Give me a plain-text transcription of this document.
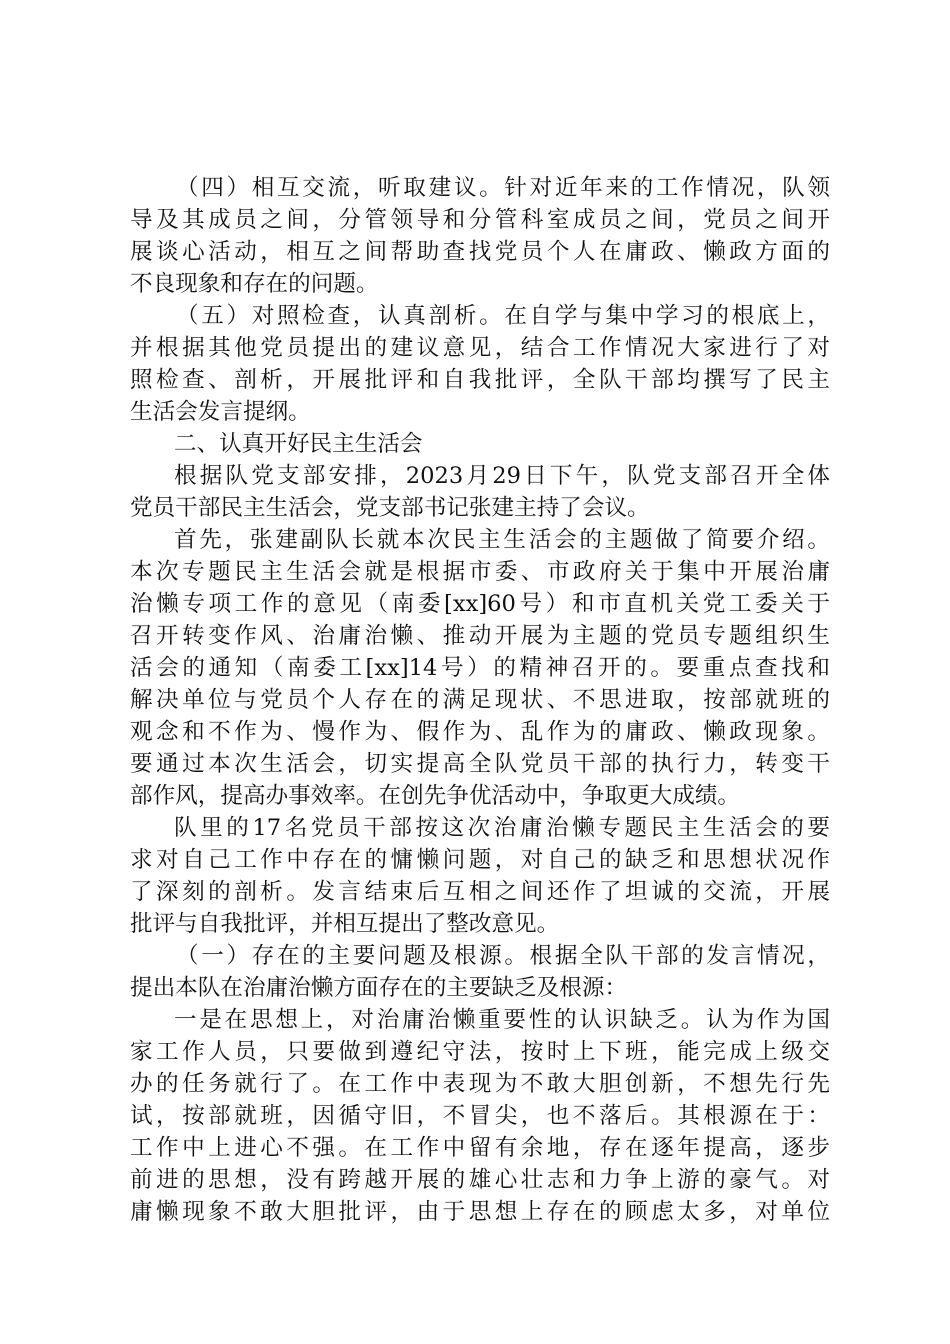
（四）相互交流，听取建议。针对近年来的工作情况，队领
导及其成员之间，分管领导和分管科室成员之间，党员之间开
展谈心活动，相互之间帮助查找党员个人在庸政、懒政方面的
不良现象和存在的问题。
（五）对照检查，认真剖析。在自学与集中学习的根底上，
并根据其他党员提出的建议意见，结合工作情况大家进行了对
照检查、剖析，开展批评和自我批评，全队干部均撰写了民主
生活会发言提纲。
二、认真开好民主生活会
根据队党支部安排，2023月29日下午，队党支部召开全体
党员干部民主生活会，党支部书记张建主持了会议。
首先，张建副队长就本次民主生活会的主题做了简要介绍。
本次专题民主生活会就是根据市委、市政府关于集中开展治庸
治懒专项工作的意见（南委[xx]60号）和市直机关党工委关于
召开转变作风、治庸治懒、推动开展为主题的党员专题组织生
活会的通知（南委工[xx]14号）的精神召开的。要重点查找和
解决单位与党员个人存在的满足现状、不思进取，按部就班的
观念和不作为、慢作为、假作为、乱作为的庸政、懒政现象。
要通过本次生活会，切实提高全队党员干部的执行力，转变干
部作风，提高办事效率。在创先争优活动中，争取更大成绩。
队里的17名党员干部按这次治庸治懒专题民主生活会的要
求对自己工作中存在的慵懒问题，对自己的缺乏和思想状况作
了深刻的剖析。发言结束后互相之间还作了坦诚的交流，开展
批评与自我批评，并相互提出了整改意见。
（一）存在的主要问题及根源。根据全队干部的发言情况，
提出本队在治庸治懒方面存在的主要缺乏及根源：
一是在思想上，对治庸治懒重要性的认识缺乏。认为作为国
家工作人员，只要做到遵纪守法，按时上下班，能完成上级交
办的任务就行了。在工作中表现为不敢大胆创新，不想先行先
试，按部就班，因循守旧，不冒尖，也不落后。其根源在于：
工作中上进心不强。在工作中留有余地，存在逐年提高，逐步
前进的思想，没有跨越开展的雄心壮志和力争上游的豪气。对
庸懒现象不敢大胆批评，由于思想上存在的顾虑太多，对单位
